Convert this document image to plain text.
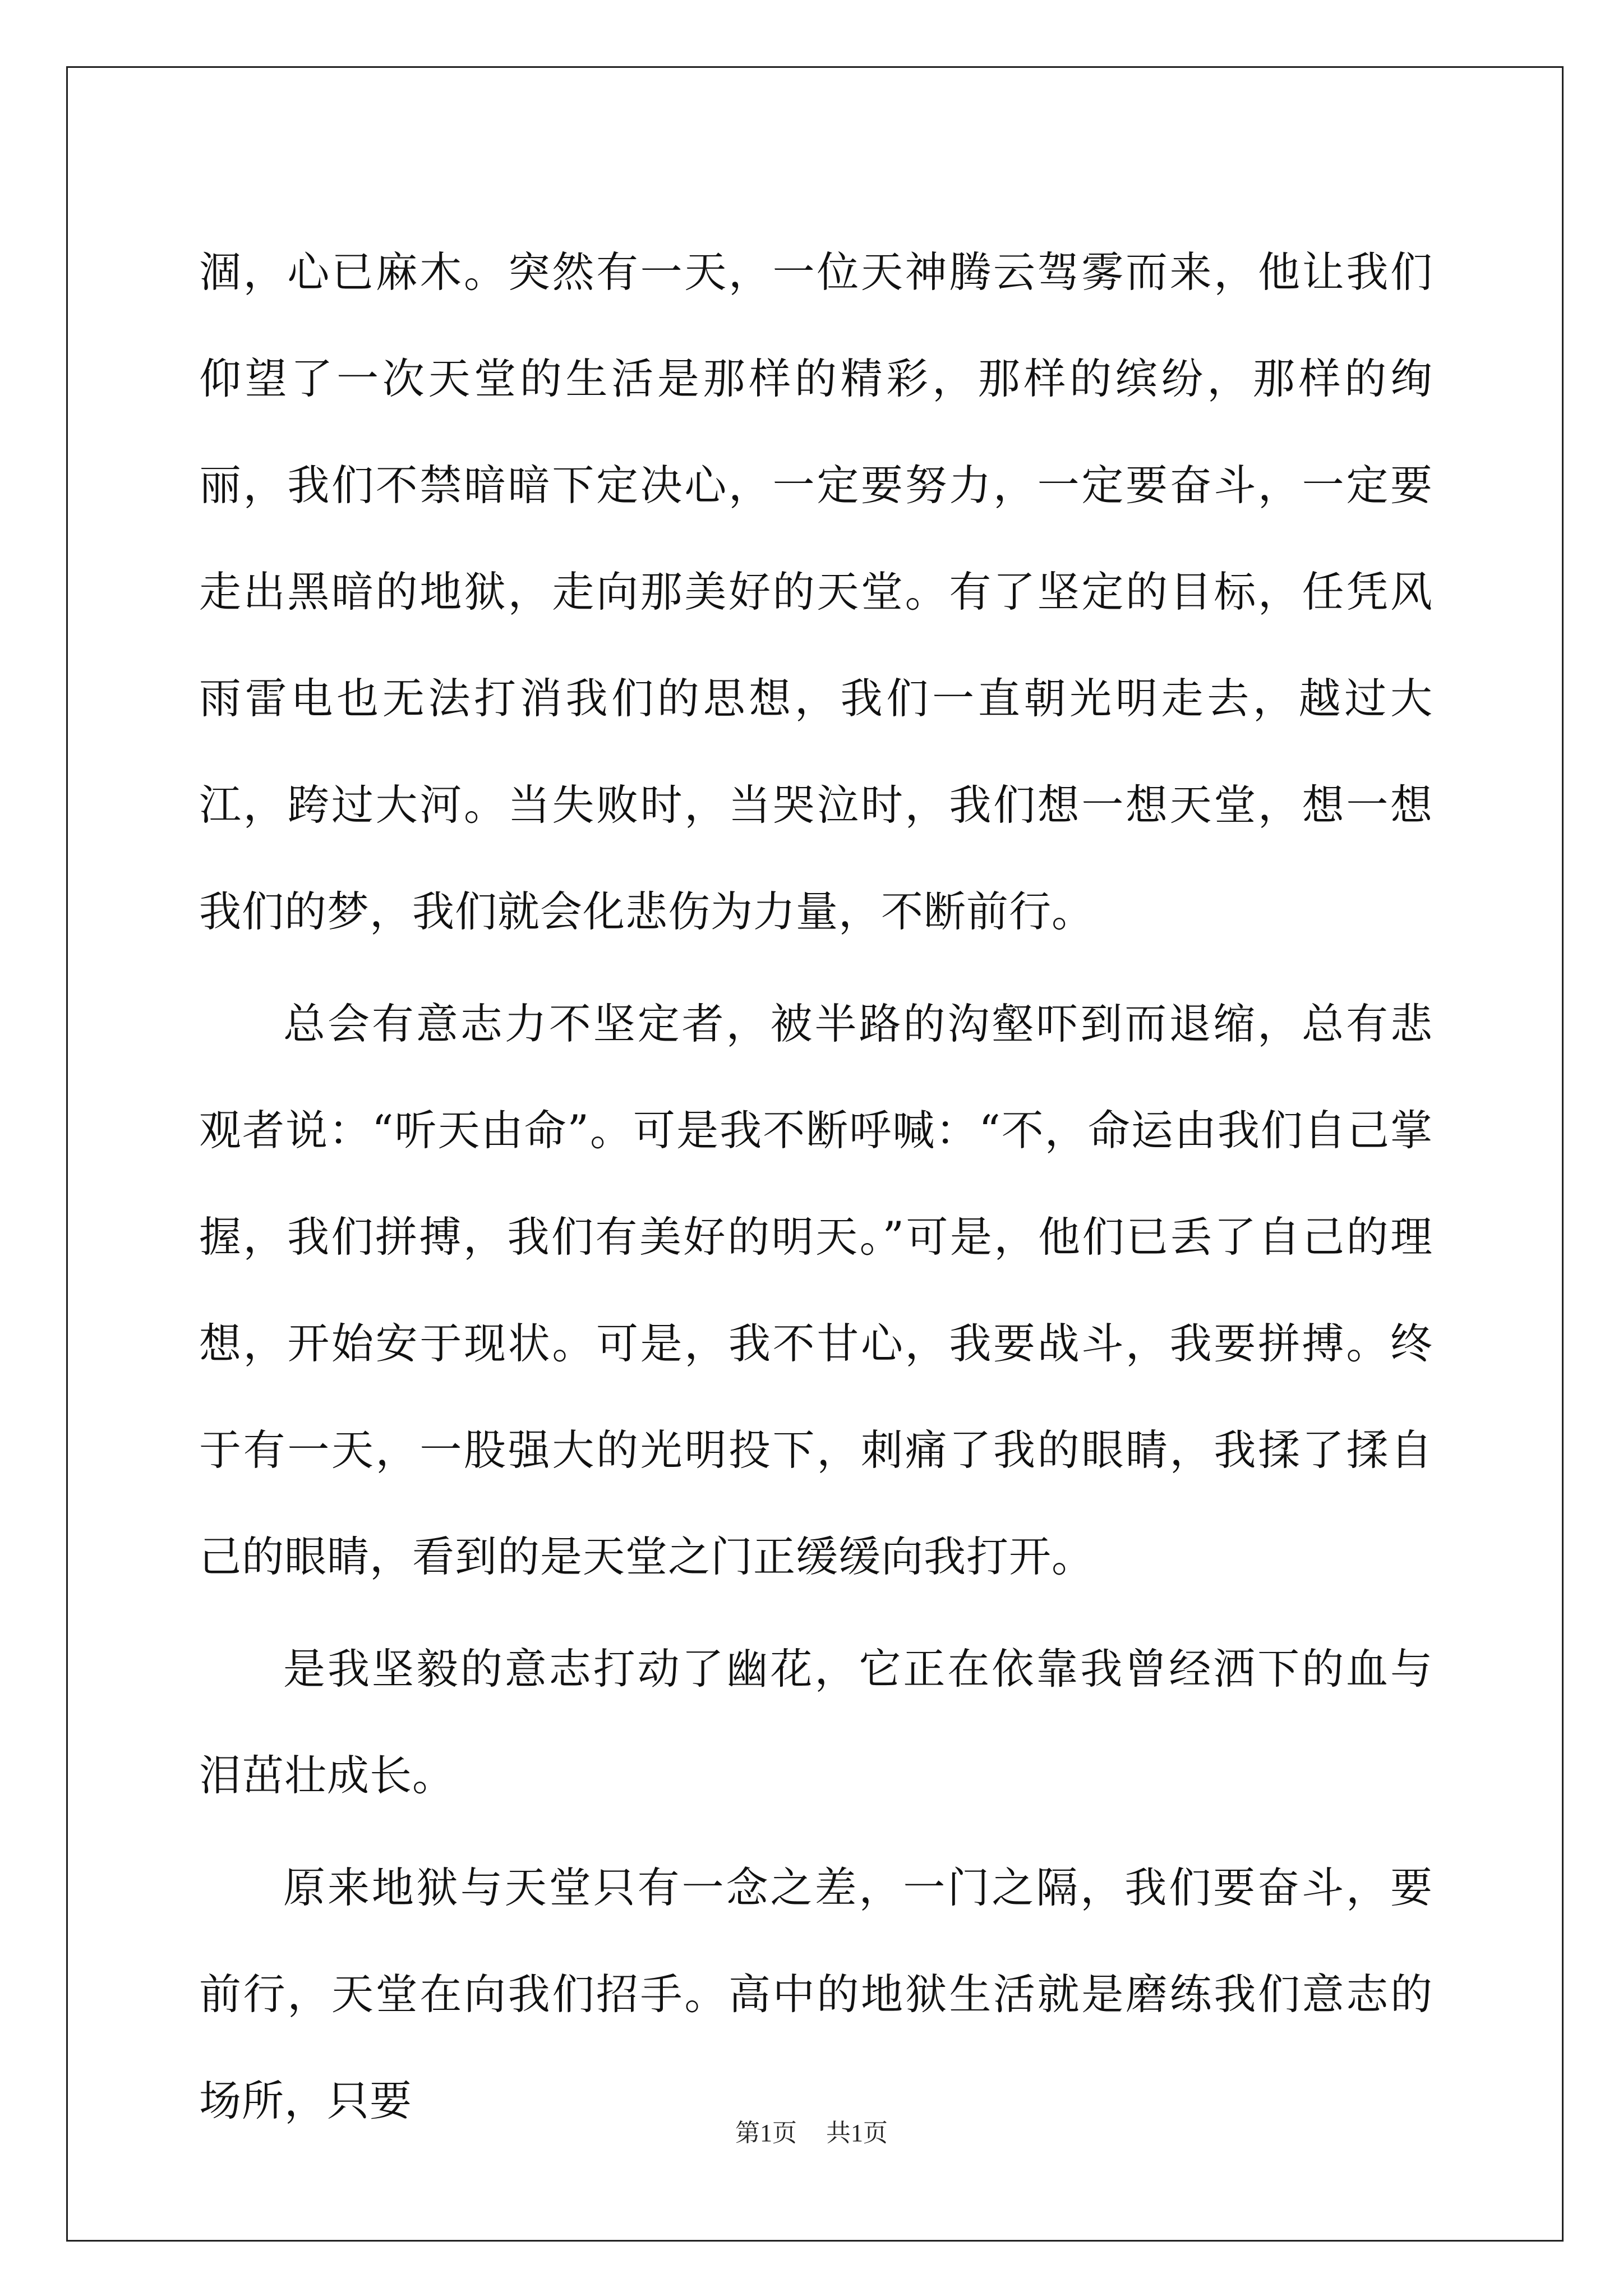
涸，心已麻木。突然有一天，一位天神腾云驾雾而来，他让我们仰望了一次天堂的生活是那样的精彩，那样的缤纷，那样的绚丽，我们不禁暗暗下定决心，一定要努力，一定要奋斗，一定要走出黑暗的地狱，走向那美好的天堂。有了坚定的目标，任凭风雨雷电也无法打消我们的思想，我们一直朝光明走去，越过大江，跨过大河。当失败时，当哭泣时，我们想一想天堂，想一想我们的梦，我们就会化悲伤为力量，不断前行。

总会有意志力不坚定者，被半路的沟壑吓到而退缩，总有悲观者说：“听天由命”。可是我不断呼喊：“不，命运由我们自己掌握，我们拼搏，我们有美好的明天。”可是，他们已丢了自己的理想，开始安于现状。可是，我不甘心，我要战斗，我要拼搏。终于有一天，一股强大的光明投下，刺痛了我的眼睛，我揉了揉自己的眼睛，看到的是天堂之门正缓缓向我打开。

是我坚毅的意志打动了幽花，它正在依靠我曾经洒下的血与泪茁壮成长。

原来地狱与天堂只有一念之差，一门之隔，我们要奋斗，要前行，天堂在向我们招手。高中的地狱生活就是磨练我们意志的场所，只要

第1页 共1页
